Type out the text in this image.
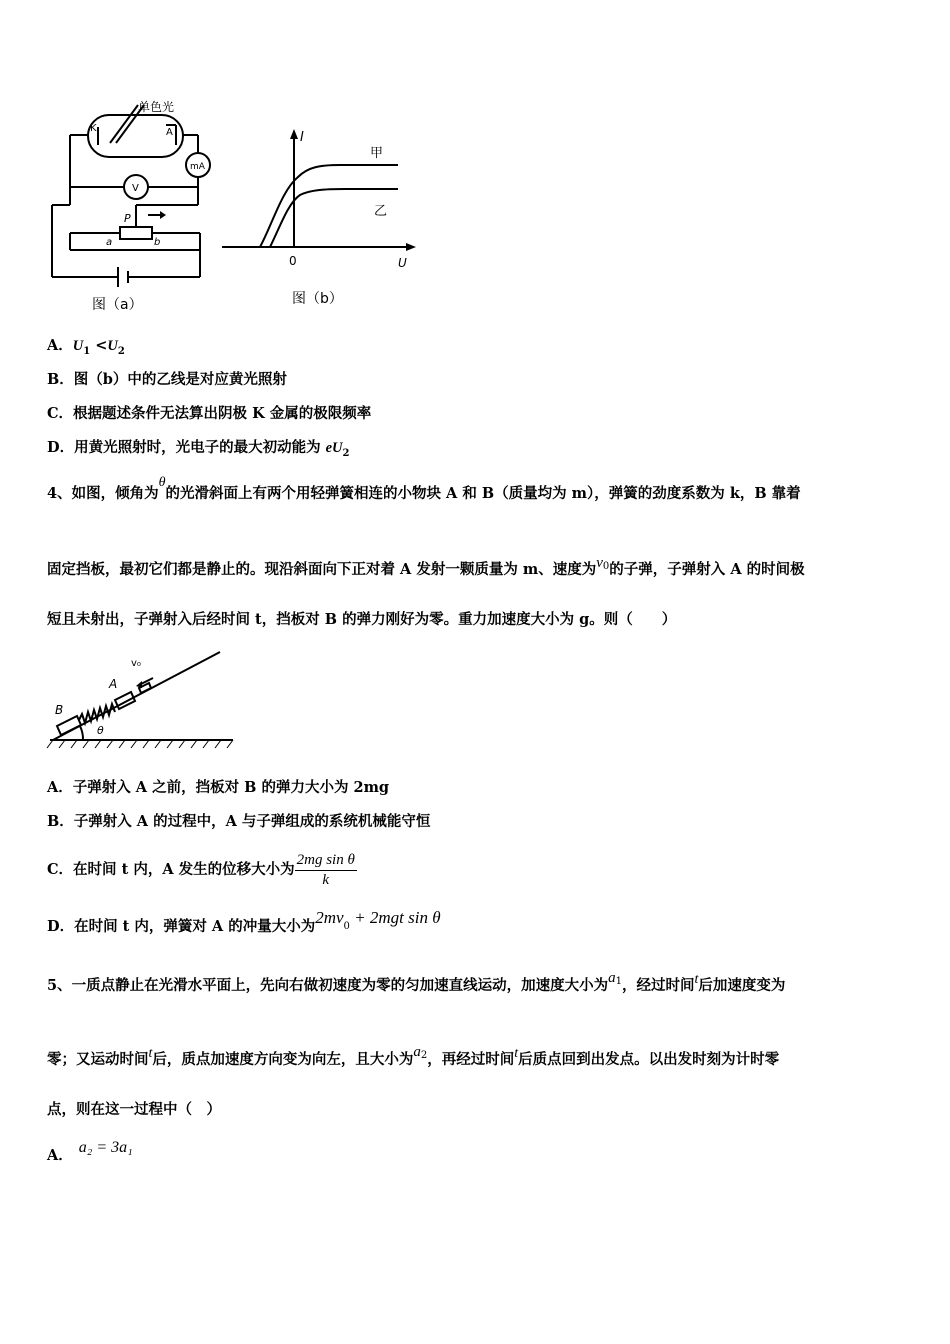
单色光
K	A
mA
V
P
a	b
图（a）
I
甲
乙
0	U
图（b）
A．$U_1 <U_2$
B．图（b）中的乙线是对应黄光照射
C．根据题述条件无法算出阴极 K 金属的极限频率
D．用黄光照射时，光电子的最大初动能为 $eU_2$
4、如图，倾角为θ的光滑斜面上有两个用轻弹簧相连的小物块 A 和 B（质量均为 m），弹簧的劲度系数为 k，B 靠着
固定挡板，最初它们都是静止的。现沿斜面向下正对着 A 发射一颗质量为 m、速度为$v_0$的子弹，子弹射入 A 的时间极
短且未射出，子弹射入后经时间 t，挡板对 B 的弹力刚好为零。重力加速度大小为 g。则（　　）
v₀
A
B
θ
A．子弹射入 A 之前，挡板对 B 的弹力大小为 2mg
B．子弹射入 A 的过程中，A 与子弹组成的系统机械能守恒
C．在时间 t 内，A 发生的位移大小为 $\frac{\text{2mg sin θ}}{k}$
D．在时间 t 内，弹簧对 A 的冲量大小为$2mv_0 + 2mgt$ sin θ
5、一质点静止在光滑水平面上，先向右做初速度为零的匀加速直线运动，加速度大小为$a_1$，经过时间t后加速度变为
零；又运动时间t后，质点加速度方向变为向左，且大小为$a_2$，再经过时间t后质点回到出发点。以出发时刻为计时零
点，则在这一过程中（　）
A． a₂ = 3a₁
